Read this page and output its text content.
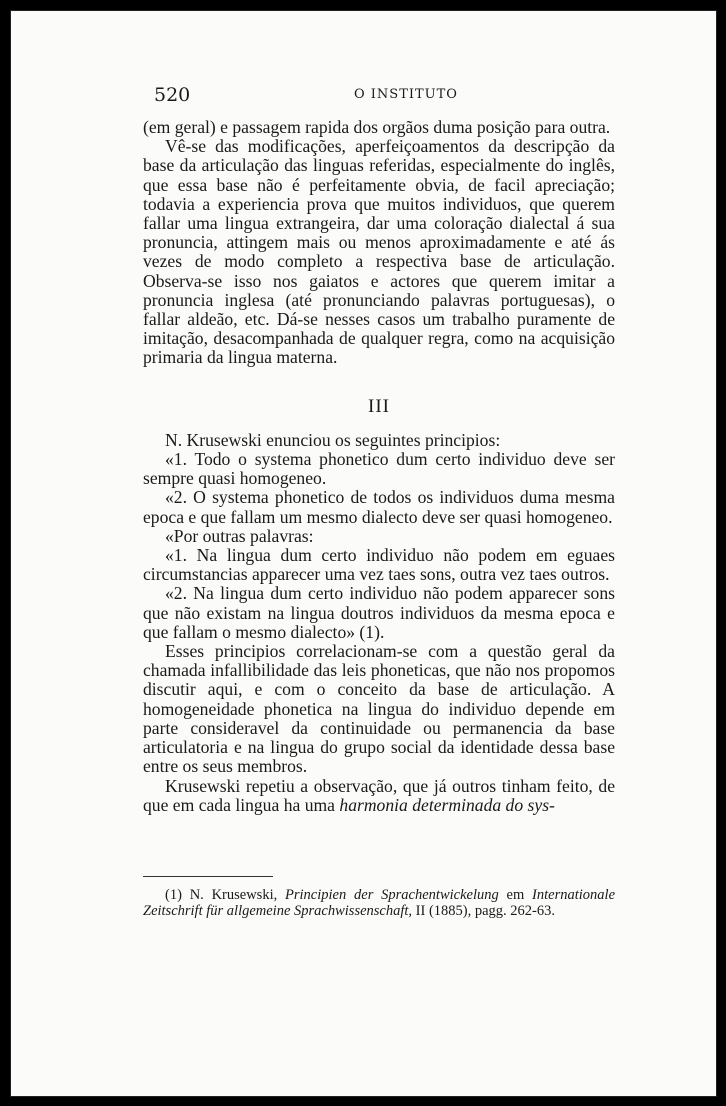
520	O INSTITUTO

(em geral) e passagem rapida dos orgãos duma posição para outra.

Vê-se das modificações, aperfeiçoamentos da descripção da base da articulação das linguas referidas, especialmente do inglês, que essa base não é perfeitamente obvia, de facil apreciação; todavia a experiencia prova que muitos individuos, que querem fallar uma lingua extrangeira, dar uma coloração dialectal á sua pronuncia, attingem mais ou menos aproximadamente e até ás vezes de modo completo a respectiva base de articulação. Observa-se isso nos gaiatos e actores que querem imitar a pronuncia inglesa (até pronunciando palavras portuguesas), o fallar aldeão, etc. Dá-se nesses casos um trabalho puramente de imitação, desacompanhada de qualquer regra, como na acquisição primaria da lingua materna.

III

N. Krusewski enunciou os seguintes principios:

«1. Todo o systema phonetico dum certo individuo deve ser sempre quasi homogeneo.

«2. O systema phonetico de todos os individuos duma mesma epoca e que fallam um mesmo dialecto deve ser quasi homogeneo.

«Por outras palavras:

«1. Na lingua dum certo individuo não podem em eguaes circumstancias apparecer uma vez taes sons, outra vez taes outros.

«2. Na lingua dum certo individuo não podem apparecer sons que não existam na lingua doutros individuos da mesma epoca e que fallam o mesmo dialecto» (1).

Esses principios correlacionam-se com a questão geral da chamada infallibilidade das leis phoneticas, que não nos propomos discutir aqui, e com o conceito da base de articulação. A homogeneidade phonetica na lingua do individuo depende em parte consideravel da continuidade ou permanencia da base articulatoria e na lingua do grupo social da identidade dessa base entre os seus membros.

Krusewski repetiu a observação, que já outros tinham feito, de que em cada lingua ha uma harmonia determinada do sys-

(1) N. Krusewski, Principien der Sprachentwickelung em Internationale Zeitschrift für allgemeine Sprachwissenschaft, II (1885), pagg. 262-63.
